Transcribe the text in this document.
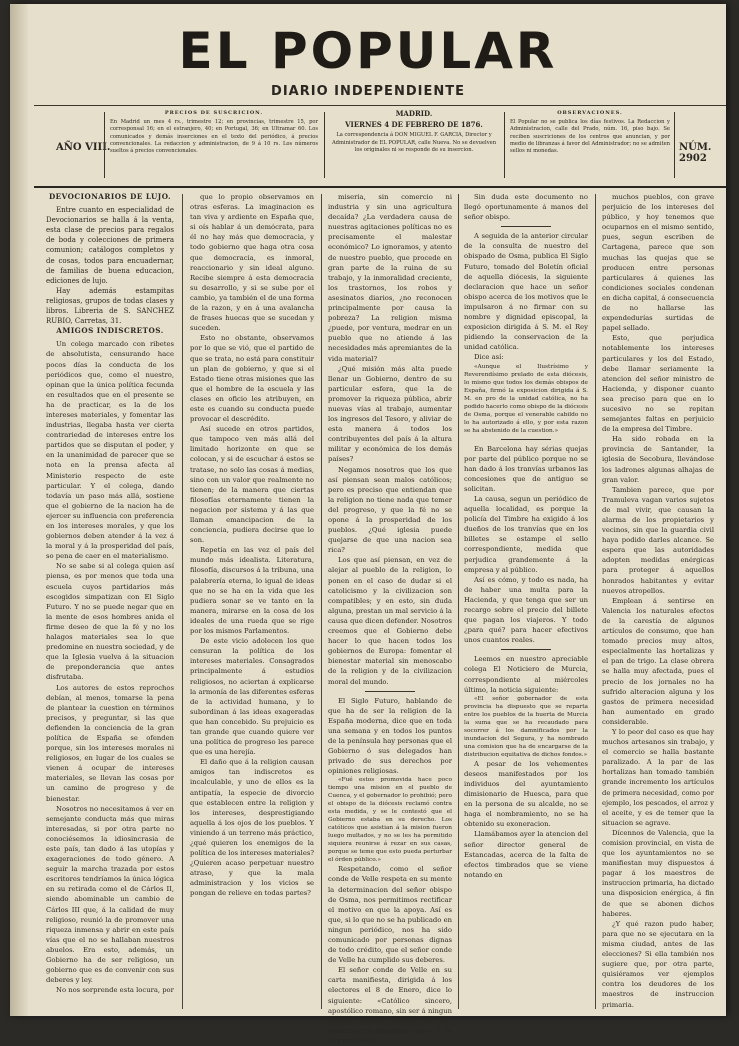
EL POPULAR
DIARIO INDEPENDIENTE
AÑO VIII.
PRECIOS DE SUSCRICION.
En Madrid un mes 4 rs., trimestre 12; en provincias, trimestre 15, por corresponsal 16; en el estranjero, 40; en Portugal, 36; en Ultramar 60. Los comunicados y demás inserciones en el texto del periódico, á precios convencionales. La redaccion y administracion, de 9 á 10 rs. Los números sueltos á precios convencionales.
MADRID.
VIERNES 4 DE FEBRERO DE 1876.
La correspondencia á DON MIGUEL F. GARCIA, Director y Administrador de EL POPULAR, calle Nueva. No se devuelven los originales ni se responde de su insercion.
OBSERVACIONES.
El Popular no se publica los días festivos. La Redaccion y Administracion, calle del Prado, núm. 16, piso bajo. Se reciben suscriciones de los centros que anuncian, y por medio de libranzas á favor del Administrador; no se admiten sellos ni monedas.	NÚM. 2902
DEVOCIONARIOS DE LUJO.

Entre cuanto en especialidad de Devocionarios se halla á la venta, esta clase de precios para regalos de boda y colecciones de primera comunion; catálogos completos y de cosas, todos para encuadernar, de familias de buena educacion, ediciones de lujo.

Hay además estampitas religiosas, grupos de todas clases y libros. Libreria de S. SANCHEZ RUBIO, Carretas, 31.

AMIGOS INDISCRETOS.

Un colega marcado con ribetes de absolutista, censurando hace pocos días la conducta de los periódicos que, como el nuestro, opinan que la única política fecunda en resultados que en el presente se ha de practicar, es la de los intereses materiales, y fomentar las industrias, llegaba hasta ver cierta contrariedad de intereses entre los partidos que se disputan el poder, y en la unanimidad de parecer que se nota en la prensa afecta al Ministerio respecto de este particular. Y el colega, dando todavía un paso más allá, sostiene que el gobierno de la nacion ha de ejercer su influencia con preferencia en los intereses morales, y que los gobiernos deben atender á la vez á la moral y á la prosperidad del país, so pena de caer en el materialismo.

No se sabe si al colega quien así piensa, es por menos que toda una escuela cuyos partidarios más escogidos simpatizan con El Siglo Futuro. Y no se puede negar que en la mente de esos hombres anida el firme deseo de que la fé y no los halagos materiales sea lo que predomine en nuestra sociedad, y de que la Iglesia vuelva á la situacion de preponderancia que antes disfrutaba.

Los autores de estos reprochos debían, al menos, tomarse la pena de plantear la cuestion en términos precisos, y preguntar, si las que defienden la conciencia de la gran política de España se ofenden porque, sin los intereses morales ni religiosos, en lugar de los cuales se vienen á ocupar de intereses materiales, se llevan las cosas por un camino de progreso y de bienestar.

Nosotros no necesitamos á ver en semejante conducta más que miras interesadas, si por otra parte no conociésemos la idiosincrasia de este país, tan dado á las utopías y exageraciones de todo género. A seguir la marcha trazada por estos escritores tendríamos la única lógica en su retirada como el de Cárlos II, siendo abominable un cambio de Cárlos III que, á la calidad de muy religioso, reunió la de promover una riqueza inmensa y abrir en este país vías que el no se hallaban nuestros abuelos. Era esto, además, un Gobierno ha de ser religioso, un gobierno que es de convenir con sus deberes y ley.

No nos sorprende esta locura, por

que lo propio observamos en otras esferas. La imaginacion es tan viva y ardiente en España que, si oís hablar á un demócrata, para él no hay más que democracia, y todo gobierno que haga otra cosa que democracia, es inmoral, reaccionario y sin ideal alguno. Recibe siempre á esta democracia su desarrollo, y si se sube por el cambio, ya también el de una forma de la razon, y en á una avalancha de frases huecas que se sucedan y suceden.

Esto no obstante, observamos por lo que se vió, que el partido de que se trata, no está para constituir un plan de gobierno, y que si el Estado tiene otras misiones que las que el hombre de la escuela y las clases en oficio les atribuyen, en este es cuando su conducta puede provocar el descrédito.

Así sucede en otros partidos, que tampoco ven más allá del limitado horizonte en que se colocan, y si de escuchar á estos se tratase, no solo las cosas á medias, sino con un valor que realmente no tienen; de la manera que ciertas filosofías eternamente tienen la negacion por sistema y á las que llaman emancipacion de la conciencia, pudiera decirse que lo son.

Repetía en las vez el país del mundo más idealista. Literatura, filosofía, discursos á la tribuna, una palabrería eterna, lo igual de ideas que no se ha en la vida que les pudiera sonar se ve tanto en la manera, mirarse en la cosa de los ideales de una rueda que se rige por los mismos Parlamentos.

De este vicio adolecen los que censuran la política de los intereses materiales. Consagrados principalmente á estudios religiosos, no aciertan á explicarse la armonía de las diferentes esferas de la actividad humana, y lo subordinan á las ideas exageradas que han concebido. Su prejuicio es tan grande que cuando quiere ver una política de progreso les parece que es una herejía.

El daño que á la religion causan amigos tan indiscretos es incalculable, y uno de ellos es la antipatía, la especie de divorcio que establecen entre la religion y los intereses, desprestigiando aquella á los ojos de los pueblos. Y viniendo á un terreno más práctico, ¿qué quieren los enemigos de la política de los intereses materiales? ¿Quieren acaso perpetuar nuestro atraso, y que la mala administracion y los vicios se pongan de relieve en todas partes?

miseria, sin comercio ni industria y sin una agricultura decaída? ¿La verdadera causa de nuestras agitaciones políticas no es precisamente el malestar económico? Lo ignoramos, y atento de nuestro pueblo, que procede en gran parte de la ruina de su trabajo, y la inmoralidad creciente, los trastornos, los robos y asesinatos diarios, ¿no reconocen principalmente por causa la pobreza? La religion misma ¿puede, por ventura, medrar en un pueblo que no atiende á las necesidades más apremiantes de la vida material?

¿Qué misión más alta puede llenar un Gobierno, dentro de su particular esfera, que la de promover la riqueza pública, abrir nuevas vías al trabajo, aumentar los ingresos del Tesoro, y aliviar de esta manera á todos los contribuyentes del país á la altura militar y económica de los demás países?

Negamos nosotros que los que así piensan sean malos católicos; pero es preciso que entiendan que la religion no tiene nada que temer del progreso, y que la fé no se opone á la prosperidad de los pueblos. ¿Qué iglesia puede quejarse de que una nacion sea rica?

Los que así piensan, en vez de alejar al pueblo de la religion, lo ponen en el caso de dudar si el catolicismo y la civilizacion son compatibles; y en esto, sin duda alguna, prestan un mal servicio á la causa que dicen defender. Nosotros creemos que el Gobierno debe hacer lo que hacen todos los gobiernos de Europa: fomentar el bienestar material sin menoscabo de la religion y de la civilizacion moral del mundo.

El Siglo Futuro, hablando de que ha de ser la religion de la España moderna, dice que en toda una semana y en todos los puntos de la península hay personas que el Gobierno ó sus delegados han privado de sus derechos por opiniones religiosas.

«Fué estos promovida hace poco tiempo una mision en el pueblo de Cuenca, y el gobernador lo prohibió; pero el obispo de la diócesis reclamó contra esta medida, y se le contestó que el Gobierno estaba en su derecho. Los católicos que asistian á la mision fueron luego multados, y no se les ha permitido siquiera reunirse á rezar en sus casas, porque se teme que esto pueda perturbar el órden público.»

Respetando, como el señor conde de Velle respeta en su mente la determinacion del señor obispo de Osma, nos permitimos rectificar el motivo en que la apoya. Así es que, si lo que no se ha publicado en ningun periódico, nos ha sido comunicado por personas dignas de todo crédito, que el señor conde de Velle ha cumplido sus deberes.

El señor conde de Velle en su carta manifiesta, dirigida á los electores el 8 de Enero, dice lo siguiente: «Católico sincero, apostólico romano, sin ser á ningun partido afiliado, lucharé en este asunto por la integridad de la fé de mis mayores.»

Sin duda este documento no llegó oportunamente á manos del señor obispo.

A seguida de la anterior circular de la consulta de nuestro del obispado de Osma, publica El Siglo Futuro, tomado del Boletín oficial de aquella diócesis, la siguiente declaracion que hace un señor obispo acerca de los motivos que le impulsaron á no firmar con su nombre y dignidad episcopal, la exposicion dirigida á S. M. el Rey pidiendo la conservacion de la unidad católica.

Dice así:

«Aunque el Ilustrísimo y Reverendísimo prelado de esta diócesis, lo mismo que todos los demás obispos de España, firmó la exposicion dirigida á S. M. en pro de la unidad católica, no ha podido hacerlo como obispo de la diócesis de Osma, porque el venerable cabildo no lo ha autorizado á ello, y por esta razon se ha abstenido de la cuestion.»

En Barcelona hay sérias quejas por parte del público porque no se han dado á los tranvías urbanos las concesiones que de antiguo se solicitan.

La causa, segun un periódico de aquella localidad, es porque la policía del Timbre ha exigido á los dueños de los tranvías que en los billetes se estampe el sello correspondiente, medida que perjudica grandemente á la empresa y al público.

Así es cómo, y todo es nada, ha de haber una multa para la Hacienda, y que tenga que ser un recargo sobre el precio del billete que pagan los viajeros. Y todo ¿para qué? para hacer efectivos unos cuantos reales.

Leemos en nuestro apreciable colega El Noticiero de Murcia, correspondiente al miércoles último, la noticia siguiente:

«El señor gobernador de esta provincia ha dispuesto que se reparta entre los pueblos de la huerta de Murcia la suma que se ha recaudado para socorrer á los damnificados por la inundacion del Segura, y ha nombrado una comision que ha de encargarse de la distribucion equitativa de dichos fondos.»

A pesar de los vehementes deseos manifestados por los individuos del ayuntamiento dimisionario de Huesca, para que en la persona de su alcalde, no se haga el nombramiento, no se ha obtenido su exoneracion.

Llamábamos ayer la atencion del señor director general de Estancadas, acerca de la falta de efectos timbrados que se viene notando en

muchos pueblos, con grave perjuicio de los intereses del público, y hoy tenemos que ocuparnos en el mismo sentido, pues, segun escriben de Cartagena, parece que son muchas las quejas que se producen entre personas particulares á quienes las condiciones sociales condenan en dicha capital, á consecuencia de no hallarse las expendedurías surtidas de papel sellado.

Esto, que perjudica notablemente los intereses particulares y los del Estado, debe llamar seriamente la atencion del señor ministro de Hacienda, y disponer cuanto sea preciso para que en lo sucesivo no se repitan semejantes faltas en perjuicio de la empresa del Timbre.

Ha sido robada en la provincia de Santander, la iglesia de Secobura, llevándose los ladrones algunas alhajas de gran valor.

Tambien parece, que por Tramuleva vagan varios sujetos de mal vivir, que causan la alarma de los propietarios y vecinos, sin que la guardia civil haya podido darles alcance. Se espera que las autoridades adopten medidas enérgicas para proteger á aquellos honrados habitantes y evitar nuevos atropellos.

Emplean á sentirse en Valencia los naturales efectos de la carestía de algunos artículos de consumo, que han tomado precios muy altos, especialmente las hortalizas y el pan de trigo. La clase obrera se halla muy afectada, pues el precio de los jornales no ha sufrido alteracion alguna y los gastos de primera necesidad han aumentado en grado considerable.

Y lo peor del caso es que hay muchos artesanos sin trabajo, y el comercio se halla bastante paralizado. A la par de las hortalizas han tomado también grande incremento los artículos de primera necesidad, como por ejemplo, los pescados, el arroz y el aceite, y es de temer que la situacion se agrave.

Dícennos de Valencia, que la comision provincial, en vista de que los ayuntamientos no se manifiestan muy dispuestos á pagar á los maestros de instruccion primaria, ha dictado una disposicion enérgica, á fin de que se abonen dichos haberes.

¿Y qué razon pudo haber, para que no se ejecutara en la misma ciudad, antes de las elecciones? Si ella también nos sugiere que, por otra parte, quisiéramos ver ejemplos contra los deudores de los maestros de instruccion primaria.
